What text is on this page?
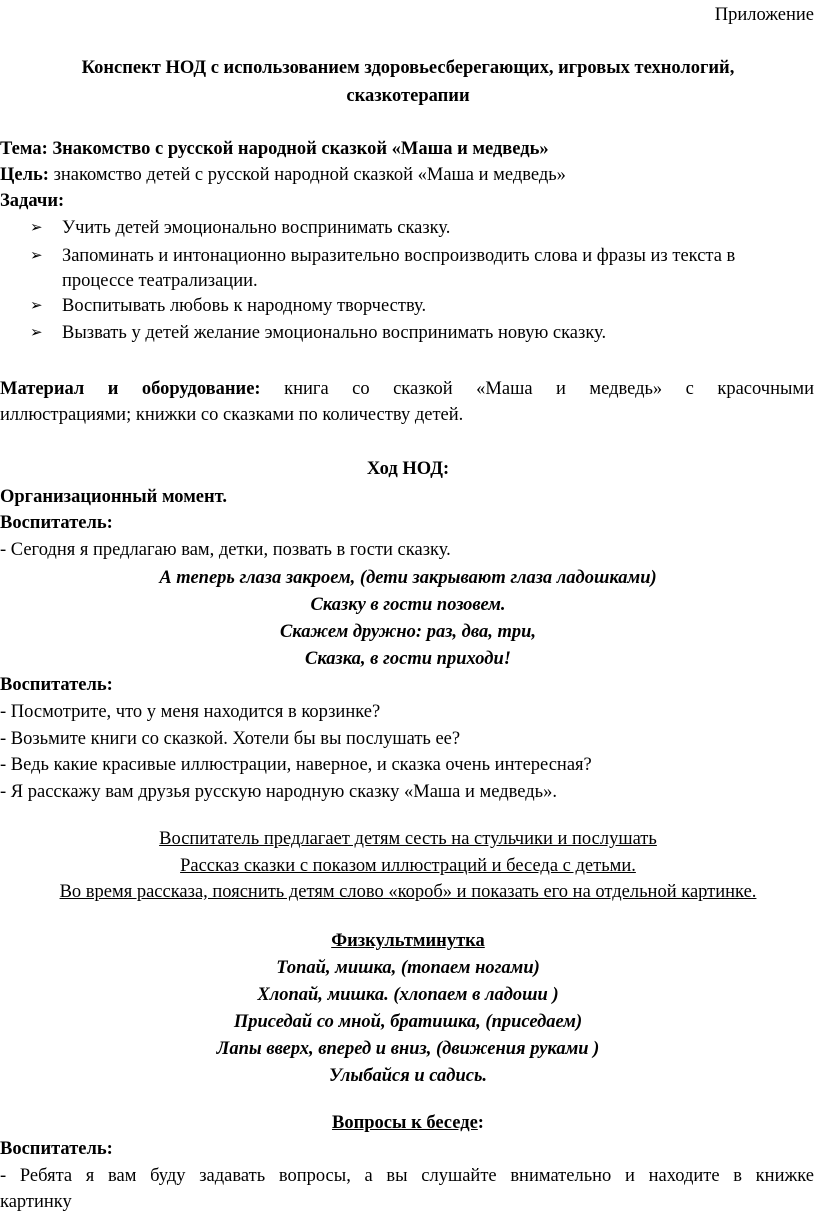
Приложение
Конспект НОД с использованием здоровьесберегающих, игровых технологий,
сказкотерапии
Тема: Знакомство с русской народной сказкой «Маша и медведь»
Цель: знакомство детей с русской народной сказкой «Маша и медведь»
Задачи:
➢ Учить детей эмоционально воспринимать сказку.
➢ Запоминать и интонационно выразительно воспроизводить слова и фразы из текста в
процессе театрализации.
➢ Воспитывать любовь к народному творчеству.
➢ Вызвать у детей желание эмоционально воспринимать новую сказку.
Материал и оборудование: книга со сказкой «Маша и медведь» с красочными
иллюстрациями; книжки со сказками по количеству детей.
Ход НОД:
Организационный момент.
Воспитатель:
- Сегодня я предлагаю вам, детки, позвать в гости сказку.
А теперь глаза закроем, (дети закрывают глаза ладошками)
Сказку в гости позовем.
Скажем дружно: раз, два, три,
Сказка, в гости приходи!
Воспитатель:
- Посмотрите, что у меня находится в корзинке?
- Возьмите книги со сказкой. Хотели бы вы послушать ее?
- Ведь какие красивые иллюстрации, наверное, и сказка очень интересная?
- Я расскажу вам друзья русскую народную сказку «Маша и медведь».
Воспитатель предлагает детям сесть на стульчики и послушать
Рассказ сказки с показом иллюстраций и беседа с детьми.
Во время рассказа, пояснить детям слово «короб» и показать его на отдельной картинке.
Физкультминутка
Топай, мишка, (топаем ногами)
Хлопай, мишка. (хлопаем в ладоши )
Приседай со мной, братишка, (приседаем)
Лапы вверх, вперед и вниз, (движения руками )
Улыбайся и садись.
Вопросы к беседе:
Воспитатель:
- Ребята я вам буду задавать вопросы, а вы слушайте внимательно и находите в книжке
картинку
